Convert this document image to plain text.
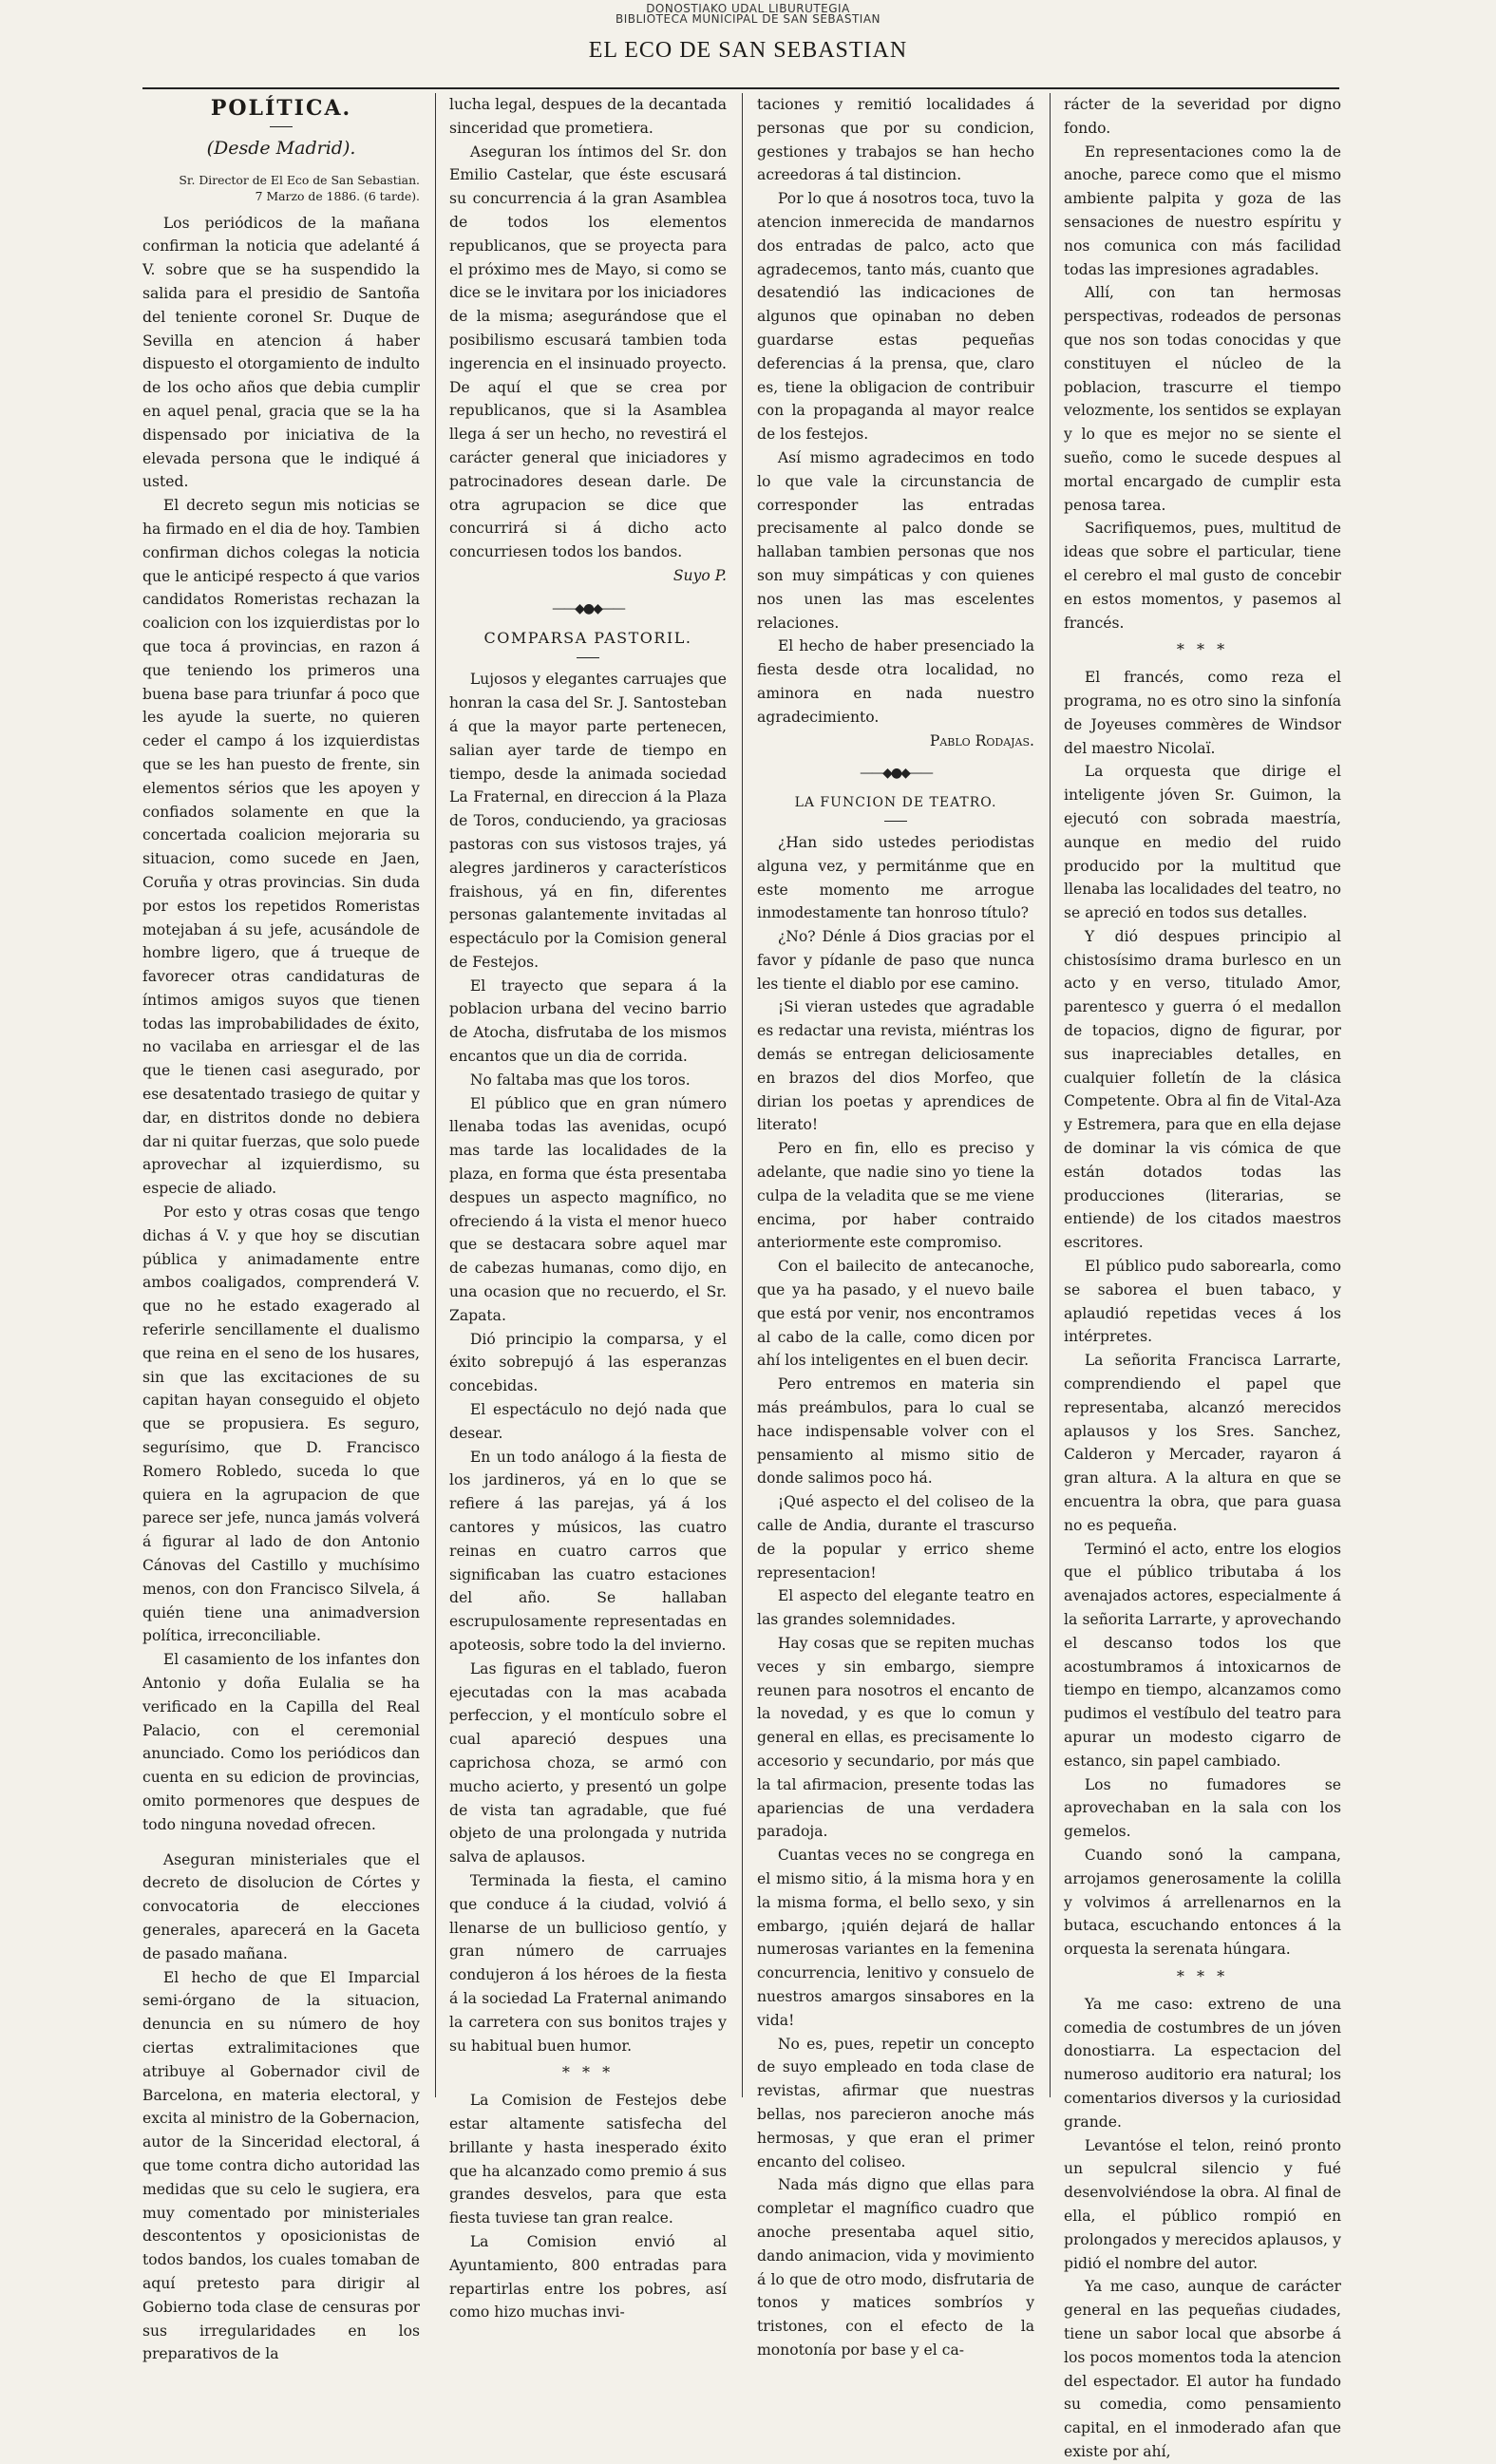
DONOSTIAKO UDAL LIBURUTEGIA
BIBLIOTECA MUNICIPAL DE SAN SEBASTIAN
EL ECO DE SAN SEBASTIAN
POLÍTICA.
(Desde Madrid).

Sr. Director de El Eco de San Sebastian.

7 Marzo de 1886. (6 tarde).

Los periódicos de la mañana confirman la noticia que adelanté á V. sobre que se ha suspendido la salida para el presidio de Santoña del teniente coronel Sr. Duque de Sevilla en atencion á haber dispuesto el otorgamiento de indulto de los ocho años que debia cumplir en aquel penal, gracia que se la ha dispensado por iniciativa de la elevada persona que le indiqué á usted.

El decreto segun mis noticias se ha firmado en el dia de hoy. Tambien confirman dichos colegas la noticia que le anticipé respecto á que varios candidatos Romeristas rechazan la coalicion con los izquierdistas por lo que toca á provincias, en razon á que teniendo los primeros una buena base para triunfar á poco que les ayude la suerte, no quieren ceder el campo á los izquierdistas que se les han puesto de frente, sin elementos sérios que les apoyen y confiados solamente en que la concertada coalicion mejoraria su situacion, como sucede en Jaen, Coruña y otras provincias. Sin duda por estos los repetidos Romeristas motejaban á su jefe, acusándole de hombre ligero, que á trueque de favorecer otras candidaturas de íntimos amigos suyos que tienen todas las improbabilidades de éxito, no vacilaba en arriesgar el de las que le tienen casi asegurado, por ese desatentado trasiego de quitar y dar, en distritos donde no debiera dar ni quitar fuerzas, que solo puede aprovechar al izquierdismo, su especie de aliado.

Por esto y otras cosas que tengo dichas á V. y que hoy se discutian pública y animadamente entre ambos coaligados, comprenderá V. que no he estado exagerado al referirle sencillamente el dualismo que reina en el seno de los husares, sin que las excitaciones de su capitan hayan conseguido el objeto que se propusiera. Es seguro, segurísimo, que D. Francisco Romero Robledo, suceda lo que quiera en la agrupacion de que parece ser jefe, nunca jamás volverá á figurar al lado de don Antonio Cánovas del Castillo y muchísimo menos, con don Francisco Silvela, á quién tiene una animadversion política, irreconciliable.

El casamiento de los infantes don Antonio y doña Eulalia se ha verificado en la Capilla del Real Palacio, con el ceremonial anunciado. Como los periódicos dan cuenta en su edicion de provincias, omito pormenores que despues de todo ninguna novedad ofrecen.

Aseguran ministeriales que el decreto de disolucion de Córtes y convocatoria de elecciones generales, aparecerá en la Gaceta de pasado mañana.

El hecho de que El Imparcial semi-órgano de la situacion, denuncia en su número de hoy ciertas extralimitaciones que atribuye al Gobernador civil de Barcelona, en materia electoral, y excita al ministro de la Gobernacion, autor de la Sinceridad electoral, á que tome contra dicho autoridad las medidas que su celo le sugiera, era muy comentado por ministeriales descontentos y oposicionistas de todos bandos, los cuales tomaban de aquí pretesto para dirigir al Gobierno toda clase de censuras por sus irregularidades en los preparativos de la

lucha legal, despues de la decantada sinceridad que prometiera.

Aseguran los íntimos del Sr. don Emilio Castelar, que éste escusará su concurrencia á la gran Asamblea de todos los elementos republicanos, que se proyecta para el próximo mes de Mayo, si como se dice se le invitara por los iniciadores de la misma; asegurándose que el posibilismo escusará tambien toda ingerencia en el insinuado proyecto. De aquí el que se crea por republicanos, que si la Asamblea llega á ser un hecho, no revestirá el carácter general que iniciadores y patrocinadores desean darle. De otra agrupacion se dice que concurrirá si á dicho acto concurriesen todos los bandos.

Suyo P.

——◆●◆——
COMPARSA PASTORIL.

Lujosos y elegantes carruajes que honran la casa del Sr. J. Santosteban á que la mayor parte pertenecen, salian ayer tarde de tiempo en tiempo, desde la animada sociedad La Fraternal, en direccion á la Plaza de Toros, conduciendo, ya graciosas pastoras con sus vistosos trajes, yá alegres jardineros y característicos fraishous, yá en fin, diferentes personas galantemente invitadas al espectáculo por la Comision general de Festejos.

El trayecto que separa á la poblacion urbana del vecino barrio de Atocha, disfrutaba de los mismos encantos que un dia de corrida.

No faltaba mas que los toros.

El público que en gran número llenaba todas las avenidas, ocupó mas tarde las localidades de la plaza, en forma que ésta presentaba despues un aspecto magnífico, no ofreciendo á la vista el menor hueco que se destacara sobre aquel mar de cabezas humanas, como dijo, en una ocasion que no recuerdo, el Sr. Zapata.

Dió principio la comparsa, y el éxito sobrepujó á las esperanzas concebidas.

El espectáculo no dejó nada que desear.

En un todo análogo á la fiesta de los jardineros, yá en lo que se refiere á las parejas, yá á los cantores y músicos, las cuatro reinas en cuatro carros que significaban las cuatro estaciones del año. Se hallaban escrupulosamente representadas en apoteosis, sobre todo la del invierno.

Las figuras en el tablado, fueron ejecutadas con la mas acabada perfeccion, y el montículo sobre el cual apareció despues una caprichosa choza, se armó con mucho acierto, y presentó un golpe de vista tan agradable, que fué objeto de una prolongada y nutrida salva de aplausos.

Terminada la fiesta, el camino que conduce á la ciudad, volvió á llenarse de un bullicioso gentío, y gran número de carruajes condujeron á los héroes de la fiesta á la sociedad La Fraternal animando la carretera con sus bonitos trajes y su habitual buen humor.

* * *

La Comision de Festejos debe estar altamente satisfecha del brillante y hasta inesperado éxito que ha alcanzado como premio á sus grandes desvelos, para que esta fiesta tuviese tan gran realce.

La Comision envió al Ayuntamiento, 800 entradas para repartirlas entre los pobres, así como hizo muchas invi-

taciones y remitió localidades á personas que por su condicion, gestiones y trabajos se han hecho acreedoras á tal distincion.

Por lo que á nosotros toca, tuvo la atencion inmerecida de mandarnos dos entradas de palco, acto que agradecemos, tanto más, cuanto que desatendió las indicaciones de algunos que opinaban no deben guardarse estas pequeñas deferencias á la prensa, que, claro es, tiene la obligacion de contribuir con la propaganda al mayor realce de los festejos.

Así mismo agradecimos en todo lo que vale la circunstancia de corresponder las entradas precisamente al palco donde se hallaban tambien personas que nos son muy simpáticas y con quienes nos unen las mas escelentes relaciones.

El hecho de haber presenciado la fiesta desde otra localidad, no aminora en nada nuestro agradecimiento.

Pablo Rodajas.

——◆●◆——
LA FUNCION DE TEATRO.

¿Han sido ustedes periodistas alguna vez, y permitánme que en este momento me arrogue inmodestamente tan honroso título?

¿No? Dénle á Dios gracias por el favor y pídanle de paso que nunca les tiente el diablo por ese camino.

¡Si vieran ustedes que agradable es redactar una revista, miéntras los demás se entregan deliciosamente en brazos del dios Morfeo, que dirian los poetas y aprendices de literato!

Pero en fin, ello es preciso y adelante, que nadie sino yo tiene la culpa de la veladita que se me viene encima, por haber contraido anteriormente este compromiso.

Con el bailecito de antecanoche, que ya ha pasado, y el nuevo baile que está por venir, nos encontramos al cabo de la calle, como dicen por ahí los inteligentes en el buen decir.

Pero entremos en materia sin más preámbulos, para lo cual se hace indispensable volver con el pensamiento al mismo sitio de donde salimos poco há.

¡Qué aspecto el del coliseo de la calle de Andia, durante el trascurso de la popular y errico sheme representacion!

El aspecto del elegante teatro en las grandes solemnidades.

Hay cosas que se repiten muchas veces y sin embargo, siempre reunen para nosotros el encanto de la novedad, y es que lo comun y general en ellas, es precisamente lo accesorio y secundario, por más que la tal afirmacion, presente todas las apariencias de una verdadera paradoja.

Cuantas veces no se congrega en el mismo sitio, á la misma hora y en la misma forma, el bello sexo, y sin embargo, ¡quién dejará de hallar numerosas variantes en la femenina concurrencia, lenitivo y consuelo de nuestros amargos sinsabores en la vida!

No es, pues, repetir un concepto de suyo empleado en toda clase de revistas, afirmar que nuestras bellas, nos parecieron anoche más hermosas, y que eran el primer encanto del coliseo.

Nada más digno que ellas para completar el magnífico cuadro que anoche presentaba aquel sitio, dando animacion, vida y movimiento á lo que de otro modo, disfrutaria de tonos y matices sombríos y tristones, con el efecto de la monotonía por base y el ca-

rácter de la severidad por digno fondo.

En representaciones como la de anoche, parece como que el mismo ambiente palpita y goza de las sensaciones de nuestro espíritu y nos comunica con más facilidad todas las impresiones agradables.

Allí, con tan hermosas perspectivas, rodeados de personas que nos son todas conocidas y que constituyen el núcleo de la poblacion, trascurre el tiempo velozmente, los sentidos se explayan y lo que es mejor no se siente el sueño, como le sucede despues al mortal encargado de cumplir esta penosa tarea.

Sacrifiquemos, pues, multitud de ideas que sobre el particular, tiene el cerebro el mal gusto de concebir en estos momentos, y pasemos al francés.

* * *

El francés, como reza el programa, no es otro sino la sinfonía de Joyeuses commères de Windsor del maestro Nicolaï.

La orquesta que dirige el inteligente jóven Sr. Guimon, la ejecutó con sobrada maestría, aunque en medio del ruido producido por la multitud que llenaba las localidades del teatro, no se apreció en todos sus detalles.

Y dió despues principio al chistosísimo drama burlesco en un acto y en verso, titulado Amor, parentesco y guerra ó el medallon de topacios, digno de figurar, por sus inapreciables detalles, en cualquier folletín de la clásica Competente. Obra al fin de Vital-Aza y Estremera, para que en ella dejase de dominar la vis cómica de que están dotados todas las producciones (literarias, se entiende) de los citados maestros escritores.

El público pudo saborearla, como se saborea el buen tabaco, y aplaudió repetidas veces á los intérpretes.

La señorita Francisca Larrarte, comprendiendo el papel que representaba, alcanzó merecidos aplausos y los Sres. Sanchez, Calderon y Mercader, rayaron á gran altura. A la altura en que se encuentra la obra, que para guasa no es pequeña.

Terminó el acto, entre los elogios que el público tributaba á los avenajados actores, especialmente á la señorita Larrarte, y aprovechando el descanso todos los que acostumbramos á intoxicarnos de tiempo en tiempo, alcanzamos como pudimos el vestíbulo del teatro para apurar un modesto cigarro de estanco, sin papel cambiado.

Los no fumadores se aprovechaban en la sala con los gemelos.

Cuando sonó la campana, arrojamos generosamente la colilla y volvimos á arrellenarnos en la butaca, escuchando entonces á la orquesta la serenata húngara.

* * *

Ya me caso: extreno de una comedia de costumbres de un jóven donostiarra. La espectacion del numeroso auditorio era natural; los comentarios diversos y la curiosidad grande.

Levantóse el telon, reinó pronto un sepulcral silencio y fué desenvolviéndose la obra. Al final de ella, el público rompió en prolongados y merecidos aplausos, y pidió el nombre del autor.

Ya me caso, aunque de carácter general en las pequeñas ciudades, tiene un sabor local que absorbe á los pocos momentos toda la atencion del espectador. El autor ha fundado su comedia, como pensamiento capital, en el inmoderado afan que existe por ahí,
